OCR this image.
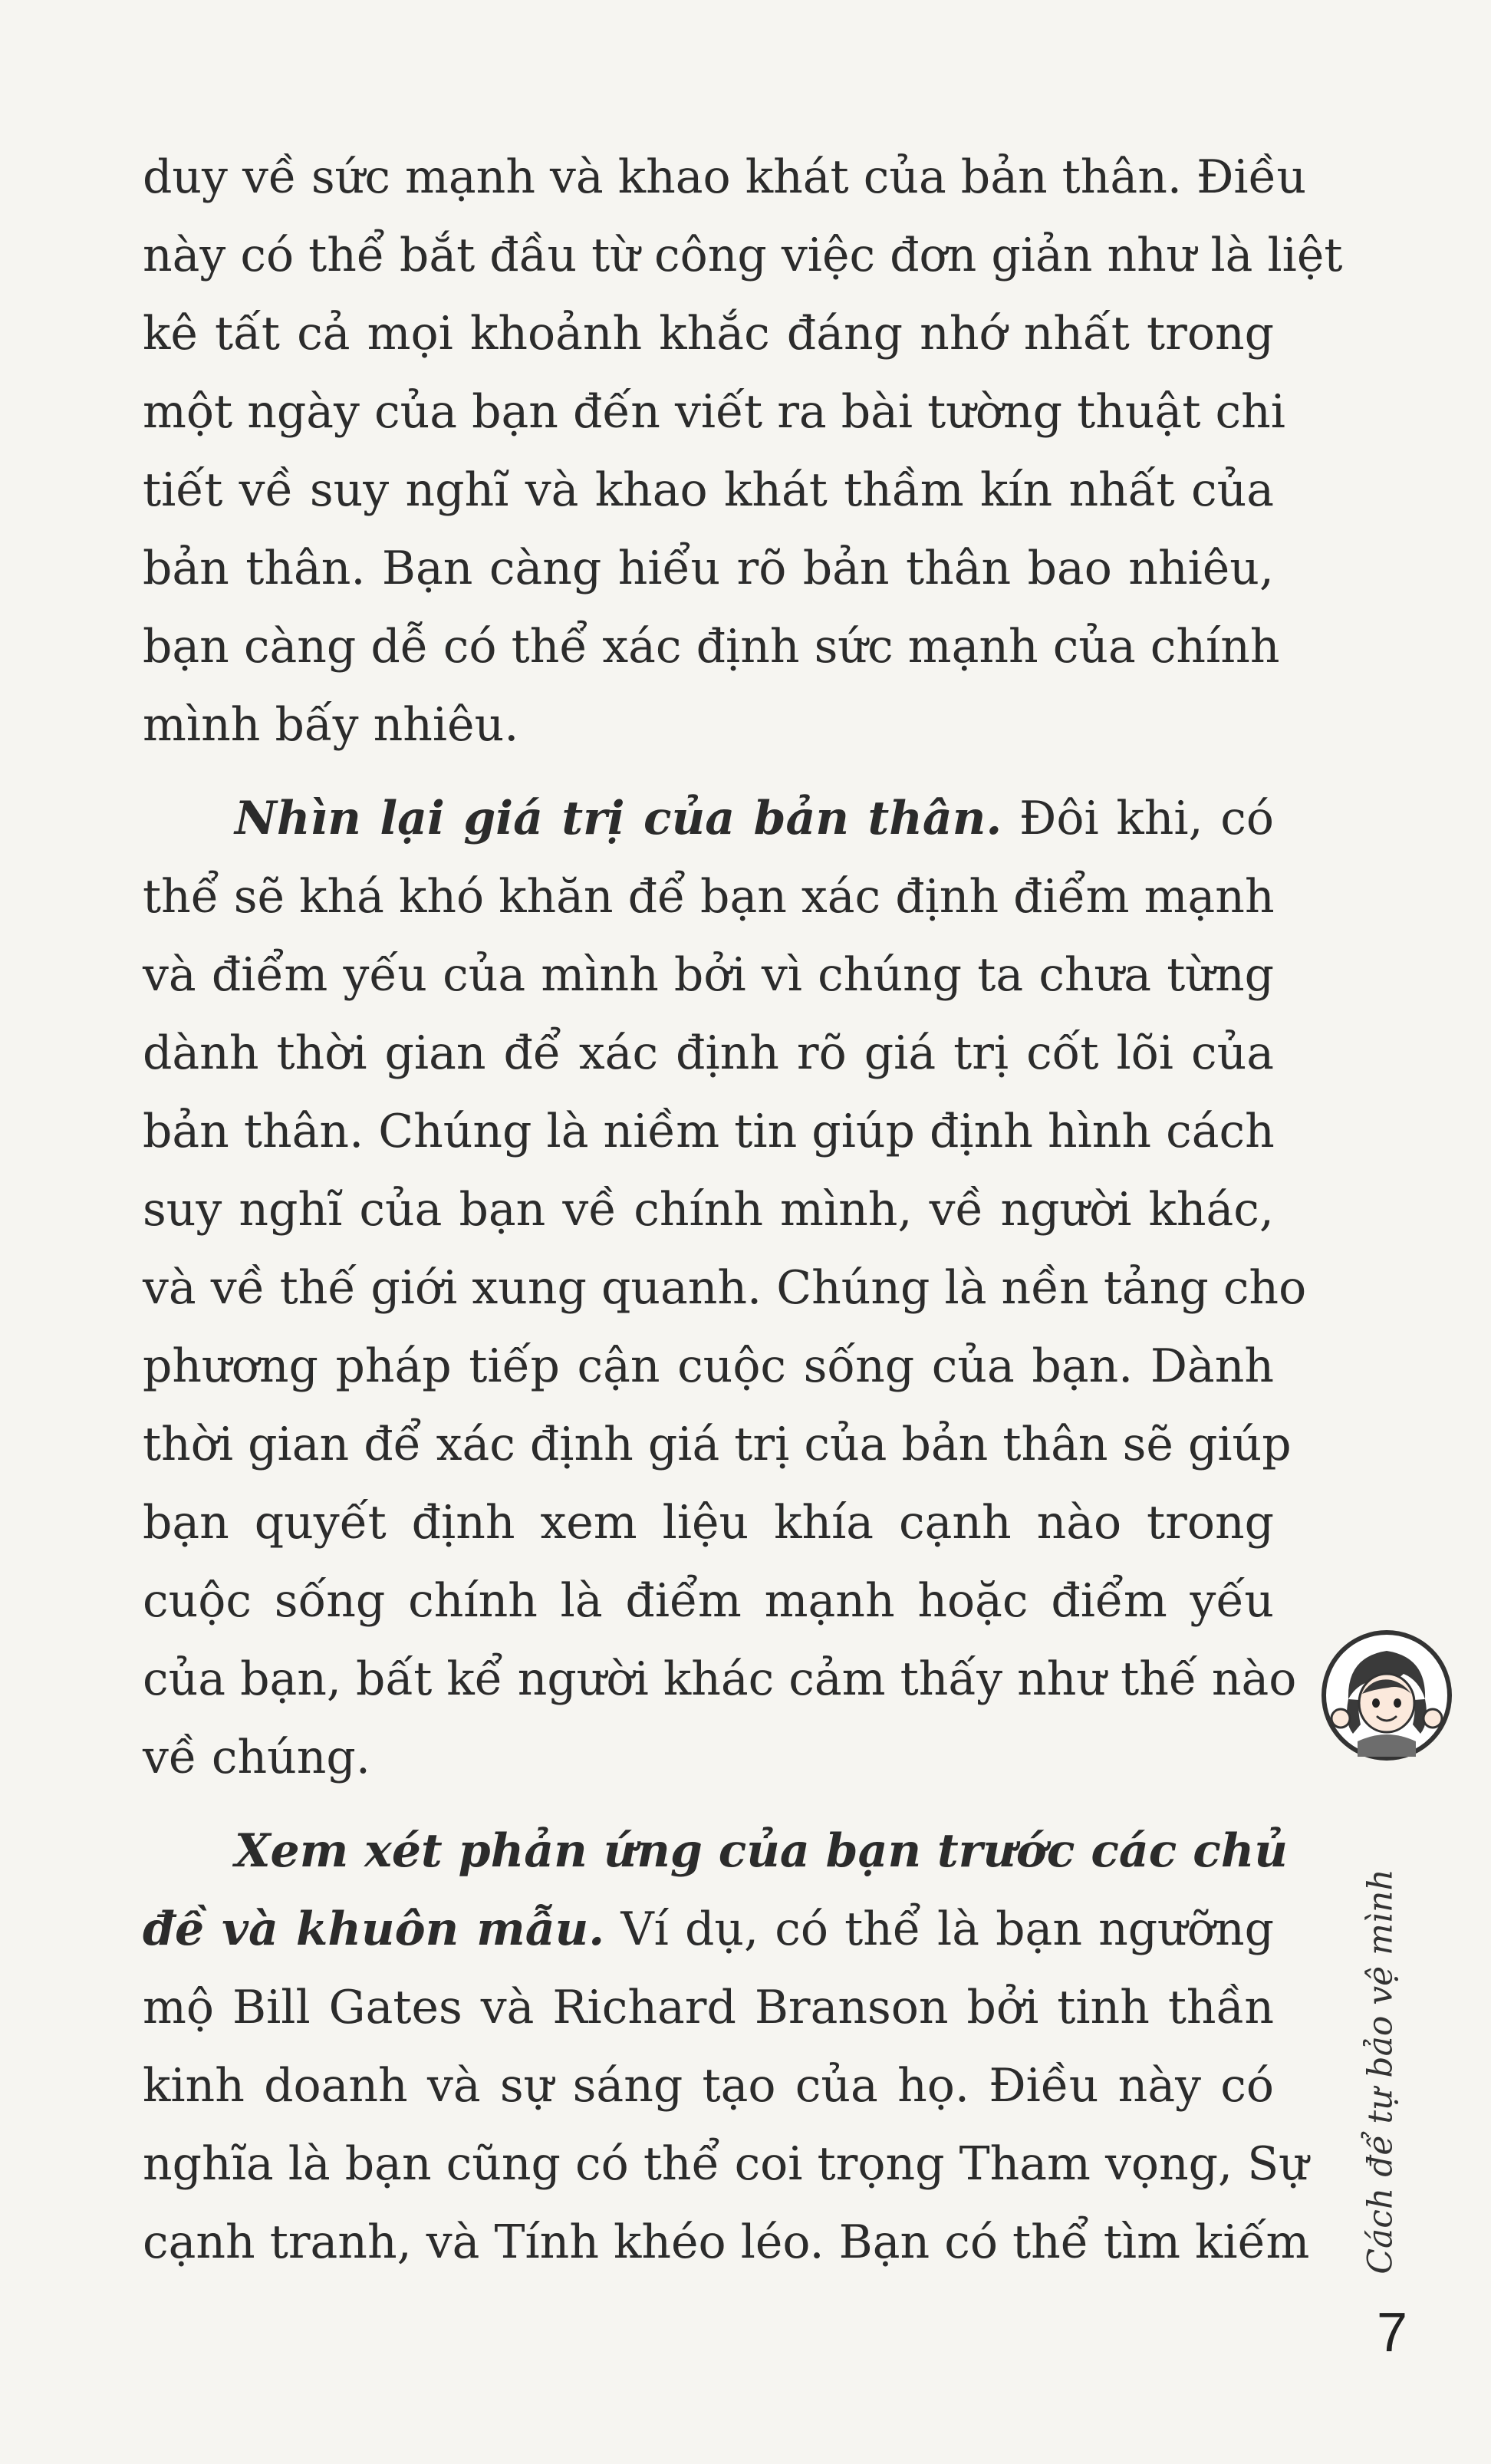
duy về sức mạnh và khao khát của bản thân. Điều
này có thể bắt đầu từ công việc đơn giản như là liệt
kê tất cả mọi khoảnh khắc đáng nhớ nhất trong
một ngày của bạn đến viết ra bài tường thuật chi
tiết về suy nghĩ và khao khát thầm kín nhất của
bản thân. Bạn càng hiểu rõ bản thân bao nhiêu,
bạn càng dễ có thể xác định sức mạnh của chính
mình bấy nhiêu.
Nhìn lại giá trị của bản thân. Đôi khi, có
thể sẽ khá khó khăn để bạn xác định điểm mạnh
và điểm yếu của mình bởi vì chúng ta chưa từng
dành thời gian để xác định rõ giá trị cốt lõi của
bản thân. Chúng là niềm tin giúp định hình cách
suy nghĩ của bạn về chính mình, về người khác,
và về thế giới xung quanh. Chúng là nền tảng cho
phương pháp tiếp cận cuộc sống của bạn. Dành
thời gian để xác định giá trị của bản thân sẽ giúp
bạn quyết định xem liệu khía cạnh nào trong
cuộc sống chính là điểm mạnh hoặc điểm yếu
của bạn, bất kể người khác cảm thấy như thế nào
về chúng.
Xem xét phản ứng của bạn trước các chủ
đề và khuôn mẫu. Ví dụ, có thể là bạn ngưỡng
mộ Bill Gates và Richard Branson bởi tinh thần
kinh doanh và sự sáng tạo của họ. Điều này có
nghĩa là bạn cũng có thể coi trọng Tham vọng, Sự
cạnh tranh, và Tính khéo léo. Bạn có thể tìm kiếm Cách để tự bảo vệ mình
7
